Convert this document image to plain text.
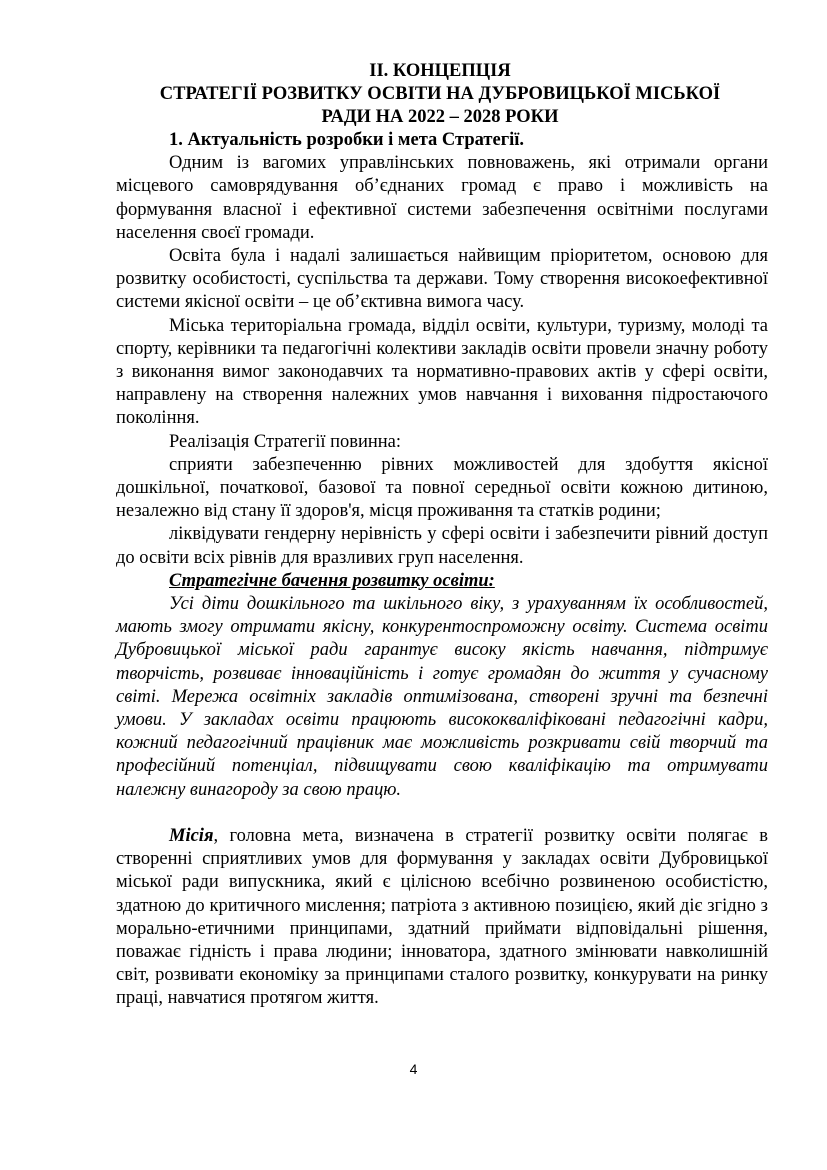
ІІ. КОНЦЕПЦІЯ

СТРАТЕГІЇ РОЗВИТКУ ОСВІТИ НА ДУБРОВИЦЬКОЇ МІСЬКОЇ

РАДИ НА 2022 – 2028 РОКИ

1. Актуальність розробки і мета Стратегії.

Одним із вагомих управлінських повноважень, які отримали органи місцевого самоврядування об’єднаних громад є право і можливість на формування власної і ефективної системи забезпечення освітніми послугами населення своєї громади.

Освіта була і надалі залишається найвищим пріоритетом, основою для розвитку особистості, суспільства та держави. Тому створення високоефективної системи якісної освіти – це об’єктивна вимога часу.

Міська територіальна громада, відділ освіти, культури, туризму, молоді та спорту, керівники та педагогічні колективи закладів освіти провели значну роботу з виконання вимог законодавчих та нормативно-правових актів у сфері освіти, направлену на створення належних умов навчання і виховання підростаючого покоління.

Реалізація Стратегії повинна:

сприяти забезпеченню рівних можливостей для здобуття якісної дошкільної, початкової, базової та повної середньої освіти кожною дитиною, незалежно від стану її здоров'я, місця проживання та статків родини;

ліквідувати гендерну нерівність у сфері освіти і забезпечити рівний доступ до освіти всіх рівнів для вразливих груп населення.

Стратегічне бачення розвитку освіти:

Усі діти дошкільного та шкільного віку, з урахуванням їх особливостей, мають змогу отримати якісну, конкурентоспроможну освіту. Система освіти Дубровицької міської ради гарантує високу якість навчання, підтримує творчість, розвиває інноваційність і готує громадян до життя у сучасному світі. Мережа освітніх закладів оптимізована, створені зручні та безпечні умови. У закладах освіти працюють висококваліфіковані педагогічні кадри, кожний педагогічний працівник має можливість розкривати свій творчий та професійний потенціал, підвищувати свою кваліфікацію та отримувати належну винагороду за свою працю.

Місія, головна мета, визначена в стратегії розвитку освіти полягає в створенні сприятливих умов для формування у закладах освіти Дубровицької міської ради випускника, який є цілісною всебічно розвиненою особистістю, здатною до критичного мислення; патріота з активною позицією, який діє згідно з морально-етичними принципами, здатний приймати відповідальні рішення, поважає гідність і права людини; інноватора, здатного змінювати навколишній світ, розвивати економіку за принципами сталого розвитку, конкурувати на ринку праці, навчатися протягом життя.

4
